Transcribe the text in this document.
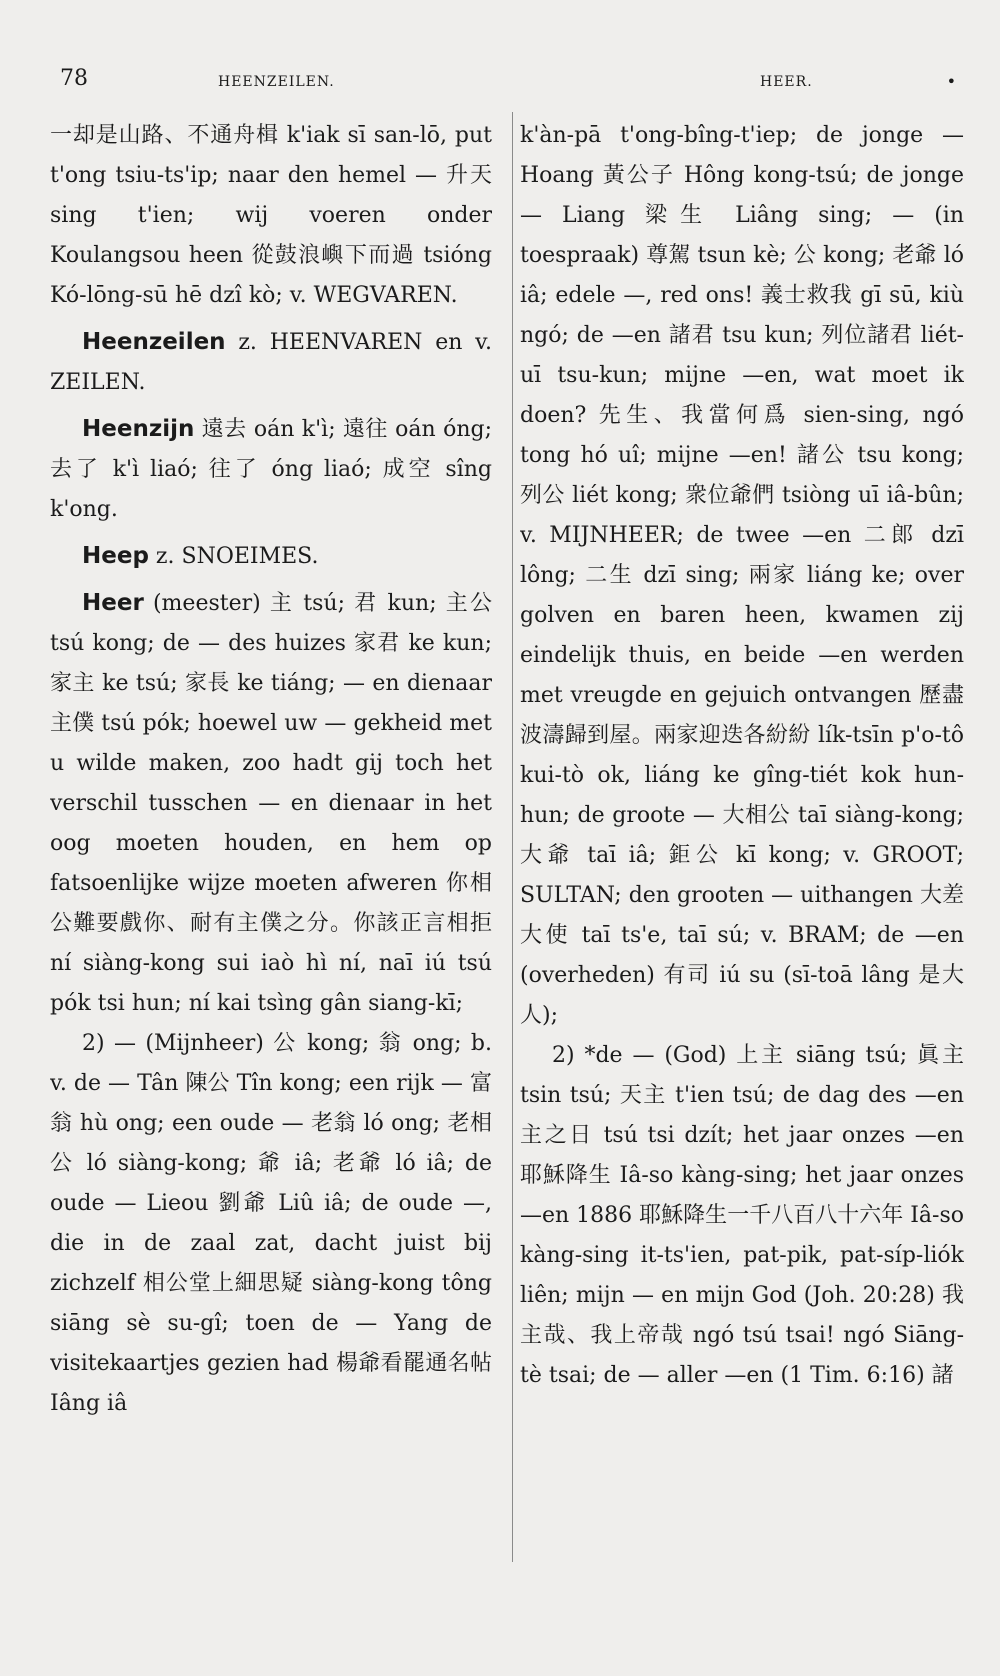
78	HEENZEILEN.	HEER.	•

一却是山路、不通舟楫 k'iak sī san-lō, put t'ong tsiu-ts'ip; naar den hemel — 升天 sing t'ien; wij voeren onder Koulangsou heen 從鼓浪嶼下而過 tsióng Kó-lōng-sū hē dzî kò; v. WEGVAREN.

Heenzeilen z. HEENVAREN en v. ZEILEN.

Heenzijn 遠去 oán k'ì; 遠往 oán óng; 去了 k'ì liaó; 往了 óng liaó; 成空 sîng k'ong.

Heep z. SNOEIMES.

Heer (meester) 主 tsú; 君 kun; 主公 tsú kong; de — des huizes 家君 ke kun; 家主 ke tsú; 家長 ke tiáng; — en dienaar 主僕 tsú pók; hoewel uw — gekheid met u wilde maken, zoo hadt gij toch het verschil tusschen — en dienaar in het oog moeten houden, en hem op fatsoenlijke wijze moeten afweren 你相公難要戲你、耐有主僕之分。你該正言相拒 ní siàng-kong sui iaò hì ní, naī iú tsú pók tsi hun; ní kai tsìng gân siang-kī;

2) — (Mijnheer) 公 kong; 翁 ong; b. v. de — Tân 陳公 Tîn kong; een rijk — 富翁 hù ong; een oude — 老翁 ló ong; 老相公 ló siàng-kong; 爺 iâ; 老爺 ló iâ; de oude — Lieou 劉爺 Liû iâ; de oude —, die in de zaal zat, dacht juist bij zichzelf 相公堂上細思疑 siàng-kong tông siāng sè su-gî; toen de — Yang de visitekaartjes gezien had 楊爺看罷通名帖 Iâng iâ

k'àn-pā t'ong-bîng-t'iep; de jonge — Hoang 黃公子 Hông kong-tsú; de jonge — Liang 梁生 Liâng sing; — (in toespraak) 尊駕 tsun kè; 公 kong; 老爺 ló iâ; edele —, red ons! 義士救我 gī sū, kiù ngó; de —en 諸君 tsu kun; 列位諸君 liét-uī tsu-kun; mijne —en, wat moet ik doen? 先生、我當何爲 sien-sing, ngó tong hó uî; mijne —en! 諸公 tsu kong; 列公 liét kong; 衆位爺們 tsiòng uī iâ-bûn; v. MIJNHEER; de twee —en 二郎 dzī lông; 二生 dzī sing; 兩家 liáng ke; over golven en baren heen, kwamen zij eindelijk thuis, en beide —en werden met vreugde en gejuich ontvangen 歷盡波濤歸到屋。兩家迎迭各紛紛 lík-tsīn p'o-tô kui-tò ok, liáng ke gîng-tiét kok hun-hun; de groote — 大相公 taī siàng-kong; 大爺 taī iâ; 鉅公 kī kong; v. GROOT; SULTAN; den grooten — uithangen 大差大使 taī ts'e, taī sú; v. BRAM; de —en (overheden) 有司 iú su (sī-toā lâng 是大人);

2) *de — (God) 上主 siāng tsú; 眞主 tsin tsú; 天主 t'ien tsú; de dag des —en 主之日 tsú tsi dzít; het jaar onzes —en 耶穌降生 Iâ-so kàng-sing; het jaar onzes —en 1886 耶穌降生一千八百八十六年 Iâ-so kàng-sing it-ts'ien, pat-pik, pat-síp-liók liên; mijn — en mijn God (Joh. 20:28) 我主哉、我上帝哉 ngó tsú tsai! ngó Siāng-tè tsai; de — aller —en (1 Tim. 6:16) 諸
